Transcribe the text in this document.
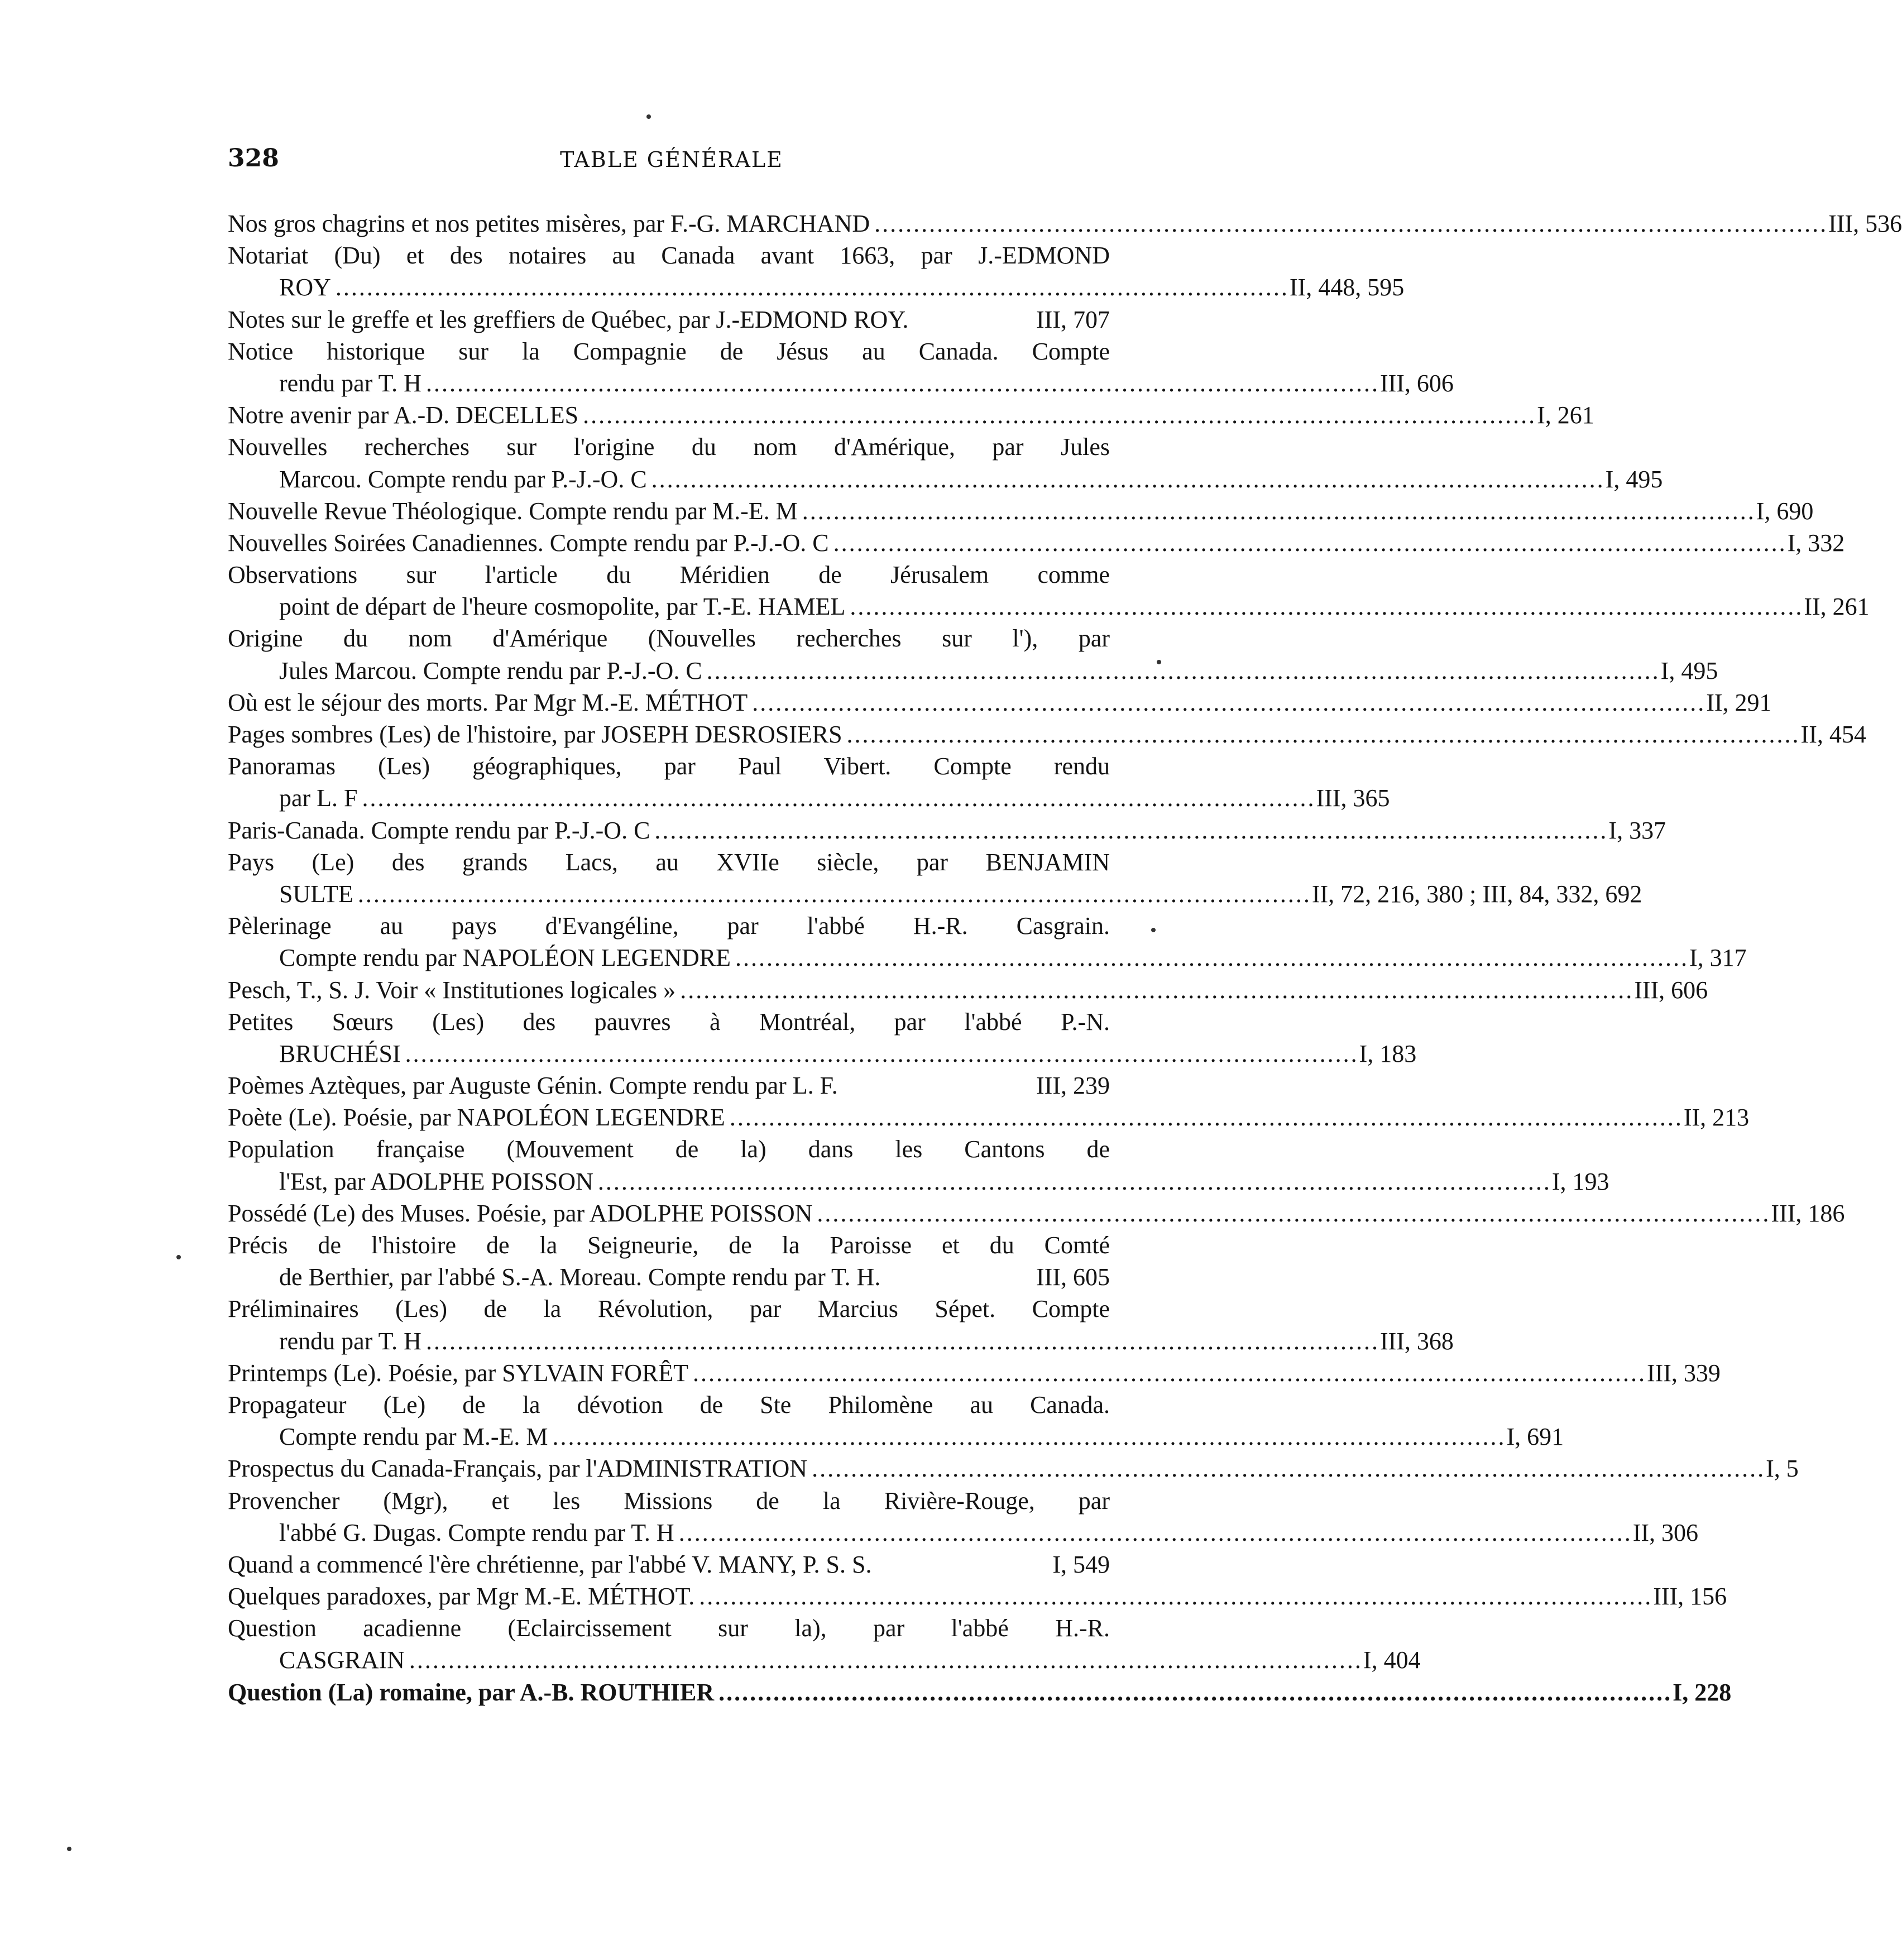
328	TABLE GÉNÉRALE
Nos gros chagrins et nos petites misères, par F.-G. MARCHAND . . .	III, 536
Notariat (Du) et des notaires au Canada avant 1663, par J.-EDMOND
ROY . . .	II, 448, 595
Notes sur le greffe et les greffiers de Québec, par J.-EDMOND ROY.	III, 707
Notice historique sur la Compagnie de Jésus au Canada. Compte
rendu par T. H . . .	III, 606
Notre avenir par A.-D. DECELLES . . .	I, 261
Nouvelles recherches sur l'origine du nom d'Amérique, par Jules
Marcou. Compte rendu par P.-J.-O. C . . .	I, 495
Nouvelle Revue Théologique. Compte rendu par M.-E. M . . .	I, 690
Nouvelles Soirées Canadiennes. Compte rendu par P.-J.-O. C . . .	I, 332
Observations sur l'article du Méridien de Jérusalem comme
point de départ de l'heure cosmopolite, par T.-E. HAMEL . . .	II, 261
Origine du nom d'Amérique (Nouvelles recherches sur l'), par
Jules Marcou. Compte rendu par P.-J.-O. C . . .	I, 495
Où est le séjour des morts. Par Mgr M.-E. MÉTHOT . . .	II, 291
Pages sombres (Les) de l'histoire, par JOSEPH DESROSIERS . . .	II, 454
Panoramas (Les) géographiques, par Paul Vibert. Compte rendu
par L. F . . .	III, 365
Paris-Canada. Compte rendu par P.-J.-O. C . . .	I, 337
Pays (Le) des grands Lacs, au XVIIe siècle, par BENJAMIN
SULTE . . .	II, 72, 216, 380 ; III, 84, 332, 692
Pèlerinage au pays d'Evangéline, par l'abbé H.-R. Casgrain.
Compte rendu par NAPOLÉON LEGENDRE . . .	I, 317
Pesch, T., S. J. Voir « Institutiones logicales » . . .	III, 606
Petites Sœurs (Les) des pauvres à Montréal, par l'abbé P.-N.
BRUCHÉSI . . .	I, 183
Poèmes Aztèques, par Auguste Génin. Compte rendu par L. F.	III, 239
Poète (Le). Poésie, par NAPOLÉON LEGENDRE . . .	II, 213
Population française (Mouvement de la) dans les Cantons de
l'Est, par ADOLPHE POISSON . . .	I, 193
Possédé (Le) des Muses. Poésie, par ADOLPHE POISSON . . .	III, 186
Précis de l'histoire de la Seigneurie, de la Paroisse et du Comté
de Berthier, par l'abbé S.-A. Moreau. Compte rendu par T. H.	III, 605
Préliminaires (Les) de la Révolution, par Marcius Sépet. Compte
rendu par T. H . . .	III, 368
Printemps (Le). Poésie, par SYLVAIN FORÊT . . .	III, 339
Propagateur (Le) de la dévotion de Ste Philomène au Canada.
Compte rendu par M.-E. M . . .	I, 691
Prospectus du Canada-Français, par l'ADMINISTRATION . . .	I, 5
Provencher (Mgr), et les Missions de la Rivière-Rouge, par
l'abbé G. Dugas. Compte rendu par T. H . . .	II, 306
Quand a commencé l'ère chrétienne, par l'abbé V. MANY, P. S. S.	I, 549
Quelques paradoxes, par Mgr M.-E. MÉTHOT. . . .	III, 156
Question acadienne (Eclaircissement sur la), par l'abbé H.-R.
CASGRAIN . . .	I, 404
Question (La) romaine, par A.-B. ROUTHIER . . .	I, 228
